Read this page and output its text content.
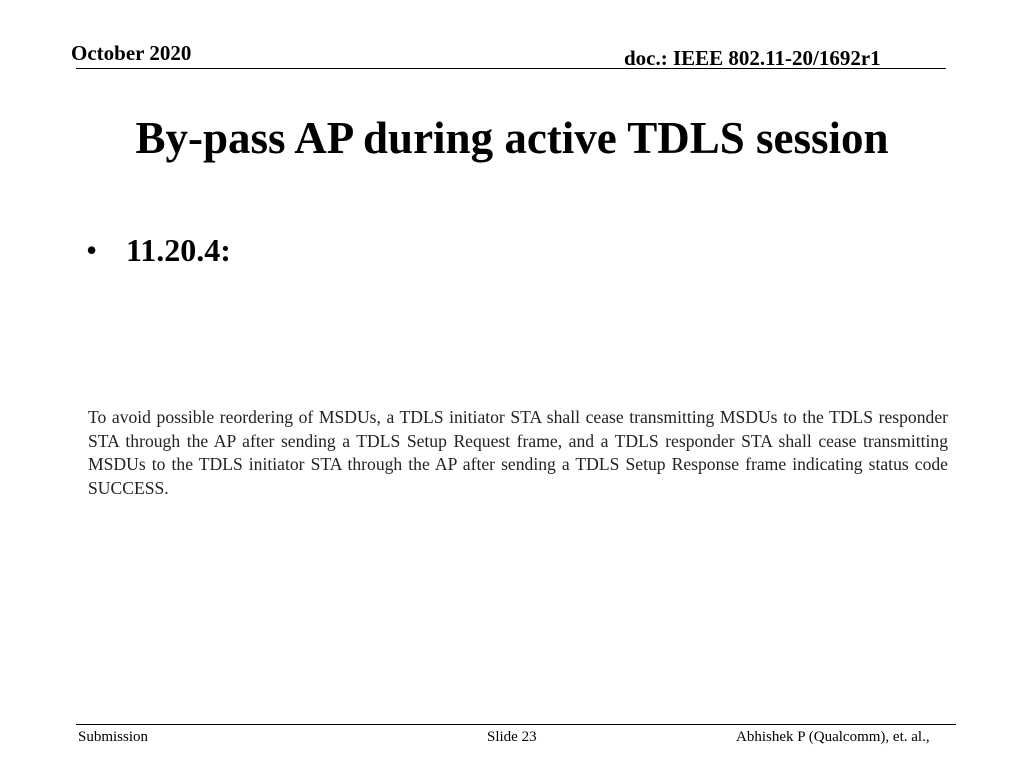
October 2020	doc.: IEEE 802.11-20/1692r1
By-pass AP during active TDLS session
• 11.20.4:
To avoid possible reordering of MSDUs, a TDLS initiator STA shall cease transmitting MSDUs to the TDLS responder STA through the AP after sending a TDLS Setup Request frame, and a TDLS responder STA shall cease transmitting MSDUs to the TDLS initiator STA through the AP after sending a TDLS Setup Response frame indicating status code SUCCESS.
Submission	Slide 23	Abhishek P (Qualcomm), et. al.,
